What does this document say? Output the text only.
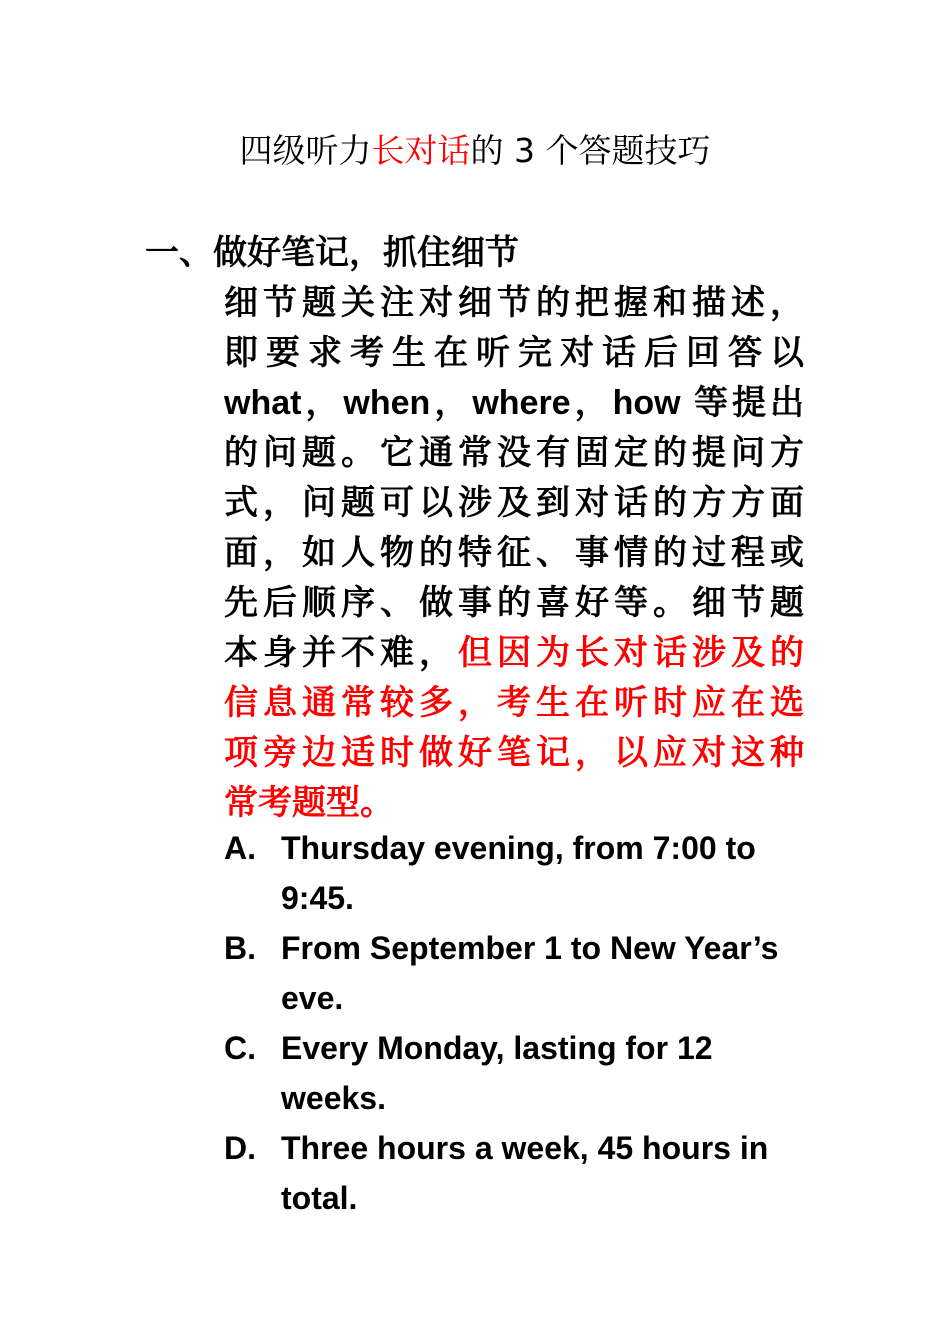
四级听力长对话的 3 个答题技巧
一、做好笔记，抓住细节
细节题关注对细节的把握和描述，
即要求考生在听完对话后回答以
what，when，where，how 等提出
的问题。它通常没有固定的提问方
式，问题可以涉及到对话的方方面
面，如人物的特征、事情的过程或
先后顺序、做事的喜好等。细节题
本身并不难，但因为长对话涉及的
信息通常较多，考生在听时应在选
项旁边适时做好笔记，以应对这种
常考题型。
A. Thursday evening, from 7:00 to 9:45.
B. From September 1 to New Year’s eve.
C. Every Monday, lasting for 12 weeks.
D. Three hours a week, 45 hours in total.
